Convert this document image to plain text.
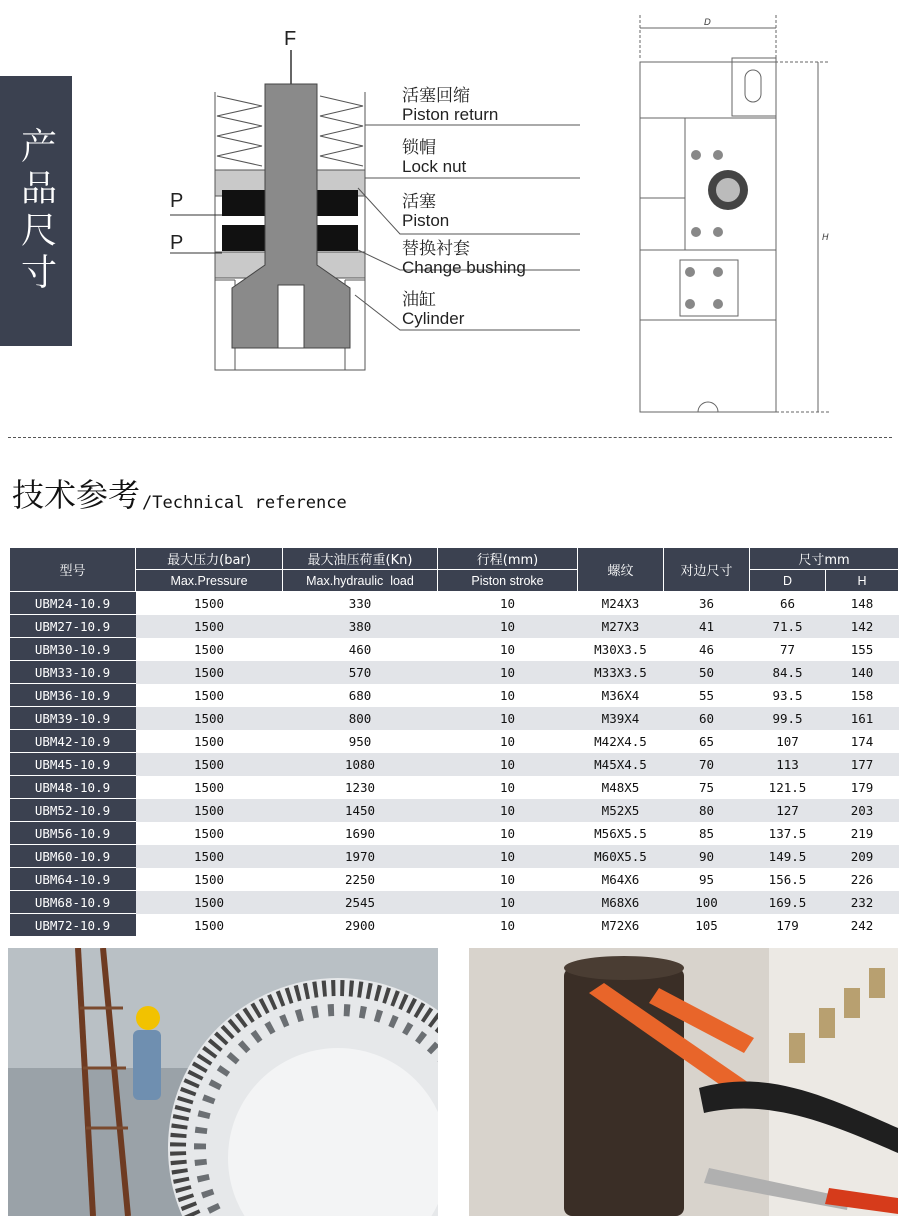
产品尺寸
F
P
P
活塞回缩
Piston return
锁帽
Lock nut
活塞
Piston
替换衬套
Change bushing
油缸
Cylinder
D
H
技术参考 /Technical reference
型号	最大压力(bar)	最大油压荷重(Kn)	行程(mm)	螺纹	对边尺寸	尺寸mm	
	Max.Pressure	Max.hydraulic  load	Piston stroke			D	H
UBM24-10.9	1500	330	10	M24X3	36	66	148
UBM27-10.9	1500	380	10	M27X3	41	71.5	142
UBM30-10.9	1500	460	10	M30X3.5	46	77	155
UBM33-10.9	1500	570	10	M33X3.5	50	84.5	140
UBM36-10.9	1500	680	10	M36X4	55	93.5	158
UBM39-10.9	1500	800	10	M39X4	60	99.5	161
UBM42-10.9	1500	950	10	M42X4.5	65	107	174
UBM45-10.9	1500	1080	10	M45X4.5	70	113	177
UBM48-10.9	1500	1230	10	M48X5	75	121.5	179
UBM52-10.9	1500	1450	10	M52X5	80	127	203
UBM56-10.9	1500	1690	10	M56X5.5	85	137.5	219
UBM60-10.9	1500	1970	10	M60X5.5	90	149.5	209
UBM64-10.9	1500	2250	10	M64X6	95	156.5	226
UBM68-10.9	1500	2545	10	M68X6	100	169.5	232
UBM72-10.9	1500	2900	10	M72X6	105	179	242
